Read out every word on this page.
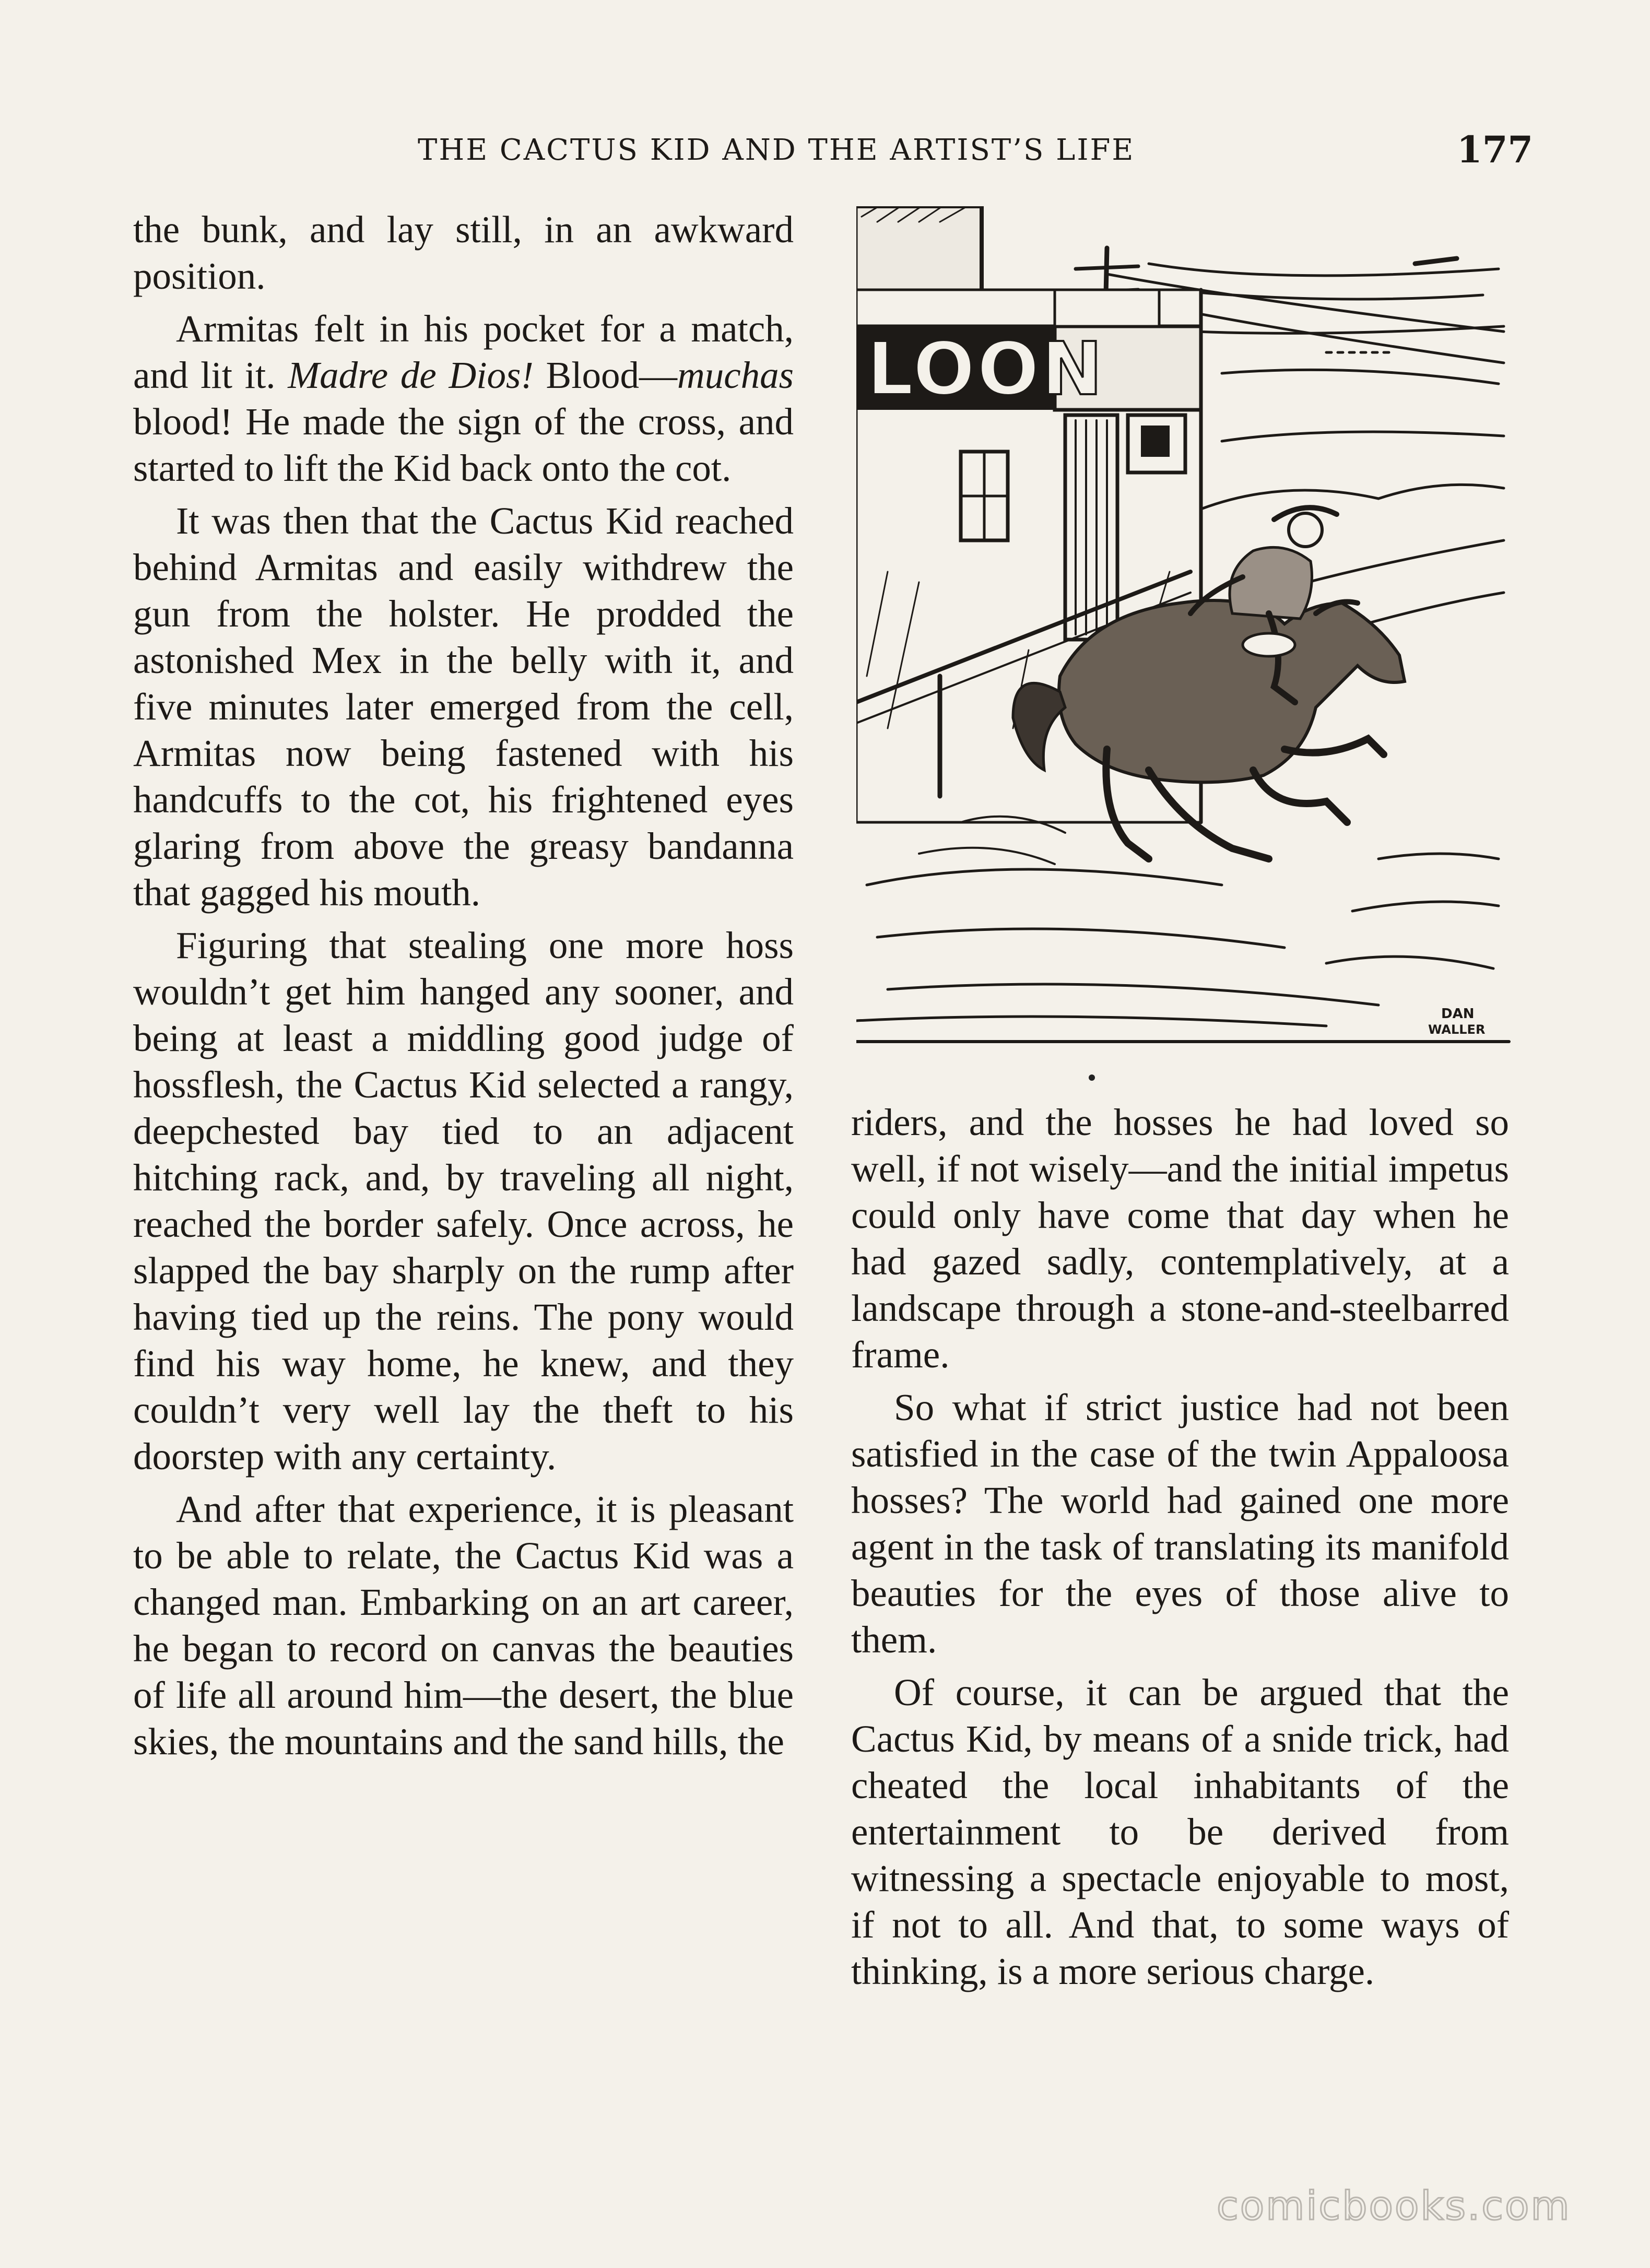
THE CACTUS KID AND THE ARTIST’S LIFE	177

the bunk, and lay still, in an awkward position.

Armitas felt in his pocket for a match, and lit it. Madre de Dios! Blood—muchas blood! He made the sign of the cross, and started to lift the Kid back onto the cot.

It was then that the Cactus Kid reached behind Armitas and easily withdrew the gun from the holster. He prodded the astonished Mex in the belly with it, and five minutes later emerged from the cell, Armitas now being fastened with his handcuffs to the cot, his frightened eyes glaring from above the greasy bandanna that gagged his mouth.

Figuring that stealing one more hoss wouldn’t get him hanged any sooner, and being at least a middling good judge of hossflesh, the Cactus Kid selected a rangy, deepchested bay tied to an adjacent hitching rack, and, by traveling all night, reached the border safely. Once across, he slapped the bay sharply on the rump after having tied up the reins. The pony would find his way home, he knew, and they couldn’t very well lay the theft to his doorstep with any certainty.

And after that experience, it is pleasant to be able to relate, the Cactus Kid was a changed man. Embarking on an art career, he began to record on canvas the beauties of life all around him—the desert, the blue skies, the mountains and the sand hills, the

LOON
DAN
WALLER

riders, and the hosses he had loved so well, if not wisely—and the initial impetus could only have come that day when he had gazed sadly, contemplatively, at a landscape through a stone-and-steelbarred frame.

So what if strict justice had not been satisfied in the case of the twin Appaloosa hosses? The world had gained one more agent in the task of translating its manifold beauties for the eyes of those alive to them.

Of course, it can be argued that the Cactus Kid, by means of a snide trick, had cheated the local inhabitants of the entertainment to be derived from witnessing a spectacle enjoyable to most, if not to all. And that, to some ways of thinking, is a more serious charge.

comicbooks.com
